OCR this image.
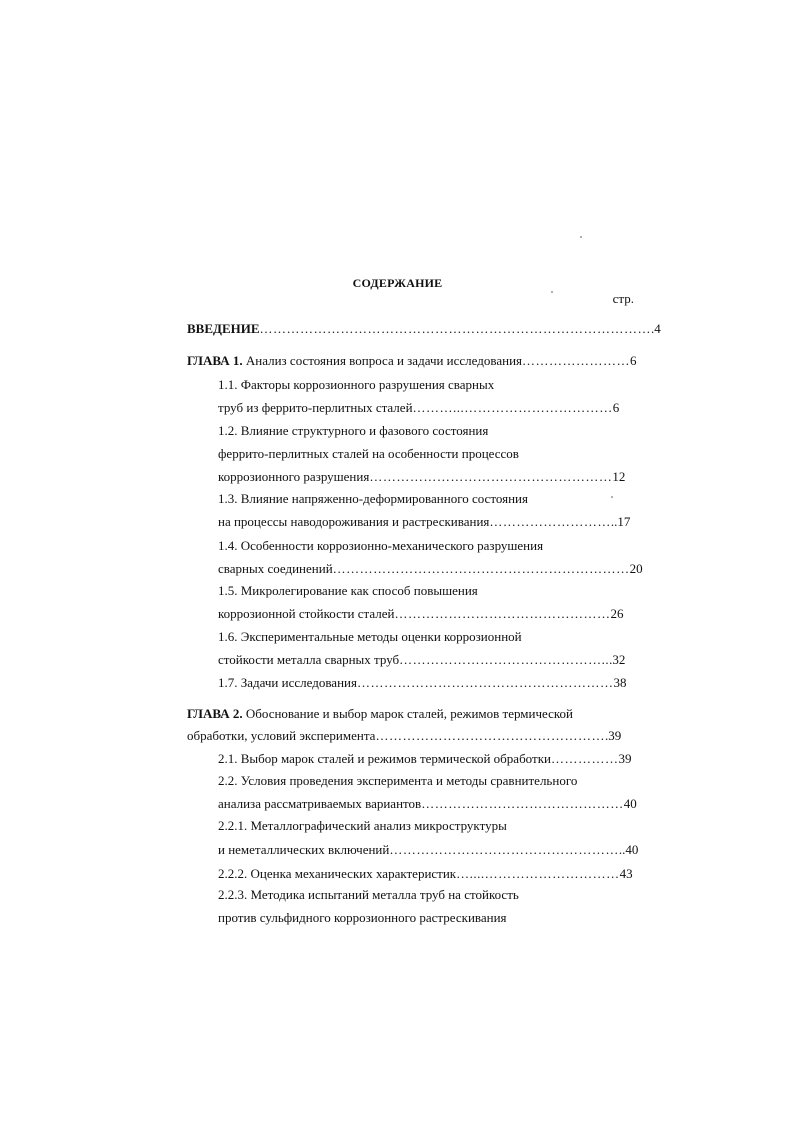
СОДЕРЖАНИЕ
стр.
ВВЕДЕНИЕ…………………………………………………………………………….4
ГЛАВА 1. Анализ состояния вопроса и задачи исследования……………………6
1.1. Факторы коррозионного разрушения сварных
труб из феррито-перлитных сталей………...……………………………6
1.2. Влияние структурного и фазового состояния
феррито-перлитных сталей на особенности процессов
коррозионного разрушения………………………………………………12
1.3. Влияние напряженно-деформированного состояния
на процессы наводороживания и растрескивания………………………..17
1.4. Особенности коррозионно-механического разрушения
сварных соединений…………………………………………………………20
1.5. Микролегирование как способ повышения
коррозионной стойкости сталей…………………………………………26
1.6. Экспериментальные методы оценки коррозионной
стойкости металла сварных труб………………………………………...32
1.7. Задачи исследования…………………………………………………38
ГЛАВА 2. Обоснование и выбор марок сталей, режимов термической
обработки, условий эксперимента…………………………………………….39
2.1. Выбор марок сталей и режимов термической обработки……………39
2.2. Условия проведения эксперимента и методы сравнительного
анализа рассматриваемых вариантов………………………………………40
2.2.1. Металлографический анализ микроструктуры
и неметаллических включений……………………………………………..40
2.2.2. Оценка механических характеристик…....…………………………43
2.2.3. Методика испытаний металла труб на стойкость
против сульфидного коррозионного растрескивания
